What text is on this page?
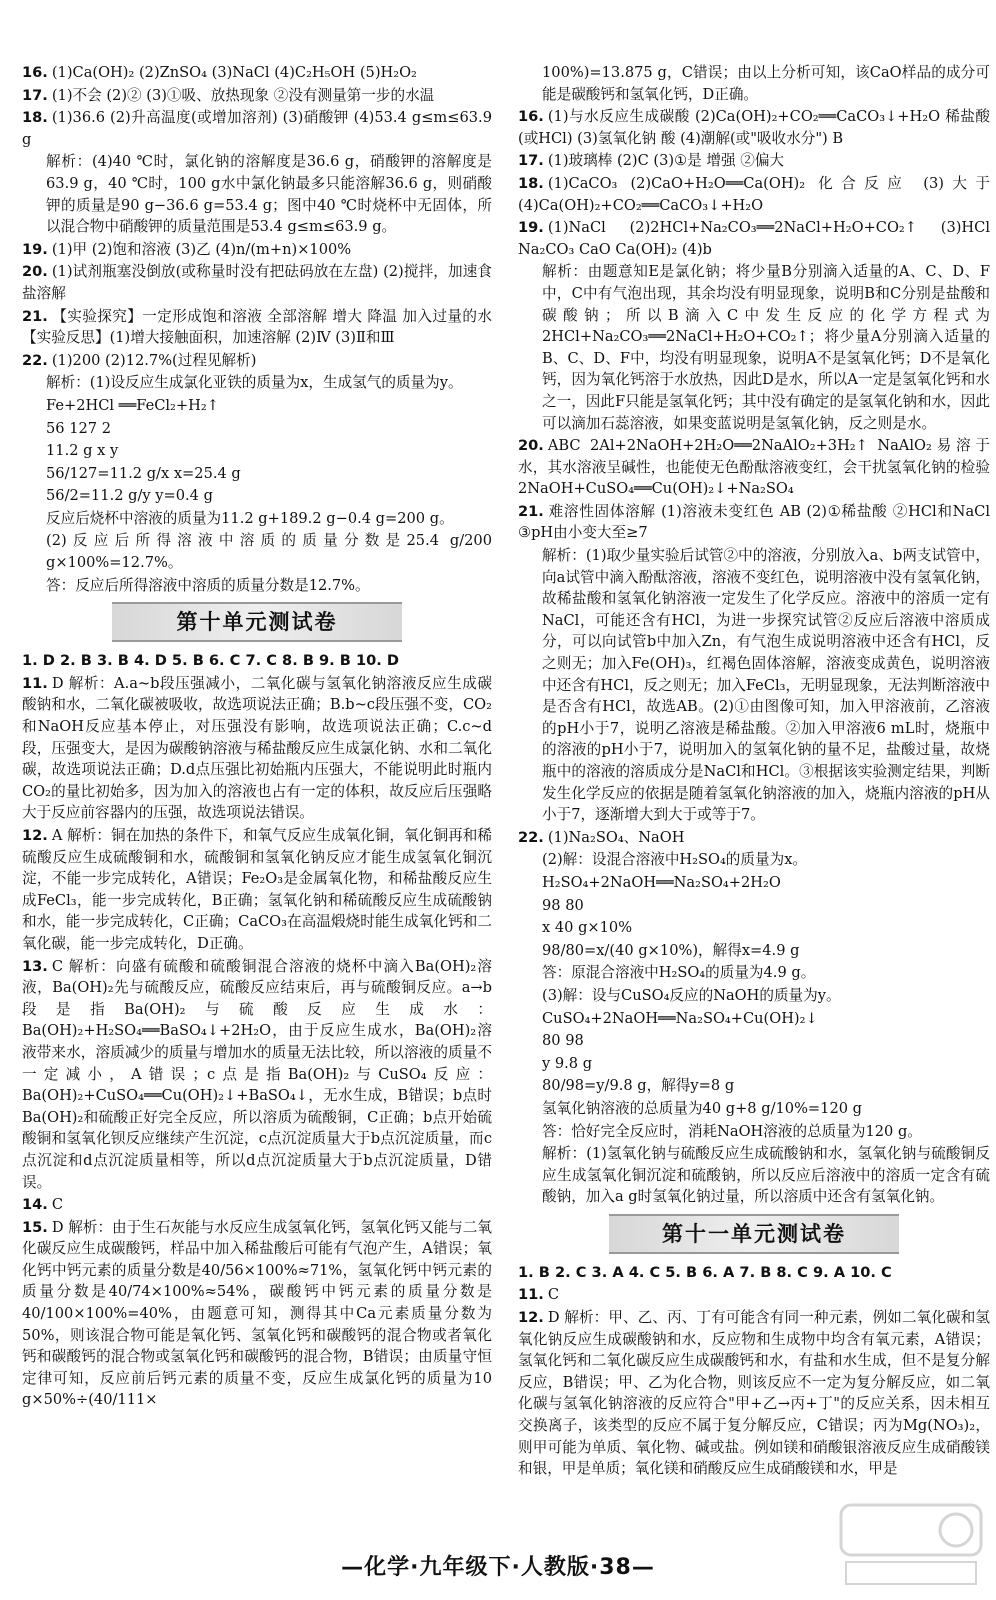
16. (1)Ca(OH)₂ (2)ZnSO₄ (3)NaCl (4)C₂H₅OH (5)H₂O₂
17. (1)不会 (2)② (3)①吸、放热现象 ②没有测量第一步的水温
18. (1)36.6 (2)升高温度(或增加溶剂) (3)硝酸钾 (4)53.4 g≤m≤63.9 g
解析：(4)40 ℃时，氯化钠的溶解度是36.6 g，硝酸钾的溶解度是63.9 g，40 ℃时，100 g水中氯化钠最多只能溶解36.6 g，则硝酸钾的质量是90 g−36.6 g=53.4 g；图中40 ℃时烧杯中无固体，所以混合物中硝酸钾的质量范围是53.4 g≤m≤63.9 g。
19. (1)甲 (2)饱和溶液 (3)乙 (4)n/(m+n)×100%
20. (1)试剂瓶塞没倒放(或称量时没有把砝码放在左盘) (2)搅拌，加速食盐溶解
21. 【实验探究】一定形成饱和溶液 全部溶解 增大 降温 加入过量的水 【实验反思】(1)增大接触面积，加速溶解 (2)Ⅳ (3)Ⅱ和Ⅲ
22. (1)200 (2)12.7%(过程见解析)
解析：(1)设反应生成氯化亚铁的质量为x，生成氢气的质量为y。
Fe+2HCl ══FeCl₂+H₂↑
56 127 2
11.2 g x y
56/127=11.2 g/x x=25.4 g
56/2=11.2 g/y y=0.4 g
反应后烧杯中溶液的质量为11.2 g+189.2 g−0.4 g=200 g。
(2)反应后所得溶液中溶质的质量分数是25.4 g/200 g×100%=12.7%。
答：反应后所得溶液中溶质的质量分数是12.7%。
第十单元测试卷
1. D 2. B 3. B 4. D 5. B 6. C 7. C 8. B 9. B 10. D
11. D 解析：A.a~b段压强减小，二氧化碳与氢氧化钠溶液反应生成碳酸钠和水，二氧化碳被吸收，故选项说法正确；B.b~c段压强不变，CO₂和NaOH反应基本停止，对压强没有影响，故选项说法正确；C.c~d段，压强变大，是因为碳酸钠溶液与稀盐酸反应生成氯化钠、水和二氧化碳，故选项说法正确；D.d点压强比初始瓶内压强大，不能说明此时瓶内CO₂的量比初始多，因为加入的溶液也占有一定的体积，故反应后压强略大于反应前容器内的压强，故选项说法错误。
12. A 解析：铜在加热的条件下，和氧气反应生成氧化铜，氧化铜再和稀硫酸反应生成硫酸铜和水，硫酸铜和氢氧化钠反应才能生成氢氧化铜沉淀，不能一步完成转化，A错误；Fe₂O₃是金属氧化物，和稀盐酸反应生成FeCl₃，能一步完成转化，B正确；氢氧化钠和稀硫酸反应生成硫酸钠和水，能一步完成转化，C正确；CaCO₃在高温煅烧时能生成氧化钙和二氧化碳，能一步完成转化，D正确。
13. C 解析：向盛有硫酸和硫酸铜混合溶液的烧杯中滴入Ba(OH)₂溶液，Ba(OH)₂先与硫酸反应，硫酸反应结束后，再与硫酸铜反应。a→b段是指Ba(OH)₂与硫酸反应生成水：Ba(OH)₂+H₂SO₄══BaSO₄↓+2H₂O，由于反应生成水，Ba(OH)₂溶液带来水，溶质减少的质量与增加水的质量无法比较，所以溶液的质量不一定减小，A错误；c点是指Ba(OH)₂与CuSO₄反应：Ba(OH)₂+CuSO₄══Cu(OH)₂↓+BaSO₄↓，无水生成，B错误；b点时Ba(OH)₂和硫酸正好完全反应，所以溶质为硫酸铜，C正确；b点开始硫酸铜和氢氧化钡反应继续产生沉淀，c点沉淀质量大于b点沉淀质量，而c点沉淀和d点沉淀质量相等，所以d点沉淀质量大于b点沉淀质量，D错误。
14. C
15. D 解析：由于生石灰能与水反应生成氢氧化钙，氢氧化钙又能与二氧化碳反应生成碳酸钙，样品中加入稀盐酸后可能有气泡产生，A错误；氧化钙中钙元素的质量分数是40/56×100%≈71%，氢氧化钙中钙元素的质量分数是40/74×100%≈54%，碳酸钙中钙元素的质量分数是40/100×100%=40%，由题意可知，测得其中Ca元素质量分数为50%，则该混合物可能是氧化钙、氢氧化钙和碳酸钙的混合物或者氧化钙和碳酸钙的混合物或氢氧化钙和碳酸钙的混合物，B错误；由质量守恒定律可知，反应前后钙元素的质量不变，反应生成氯化钙的质量为10 g×50%÷(40/111×
100%)=13.875 g，C错误；由以上分析可知，该CaO样品的成分可能是碳酸钙和氢氧化钙，D正确。
16. (1)与水反应生成碳酸 (2)Ca(OH)₂+CO₂══CaCO₃↓+H₂O 稀盐酸(或HCl) (3)氢氧化钠 酸 (4)潮解(或"吸收水分") B
17. (1)玻璃棒 (2)C (3)①是 增强 ②偏大
18. (1)CaCO₃ (2)CaO+H₂O══Ca(OH)₂ 化合反应 (3)大于 (4)Ca(OH)₂+CO₂══CaCO₃↓+H₂O
19. (1)NaCl (2)2HCl+Na₂CO₃══2NaCl+H₂O+CO₂↑ (3)HCl Na₂CO₃ CaO Ca(OH)₂ (4)b
解析：由题意知E是氯化钠；将少量B分别滴入适量的A、C、D、F中，C中有气泡出现，其余均没有明显现象，说明B和C分别是盐酸和碳酸钠；所以B滴入C中发生反应的化学方程式为2HCl+Na₂CO₃══2NaCl+H₂O+CO₂↑；将少量A分别滴入适量的B、C、D、F中，均没有明显现象，说明A不是氢氧化钙；D不是氧化钙，因为氧化钙溶于水放热，因此D是水，所以A一定是氢氧化钙和水之一，因此F只能是氢氧化钙；其中没有确定的是氢氧化钠和水，因此可以滴加石蕊溶液，如果变蓝说明是氢氧化钠，反之则是水。
20. ABC 2Al+2NaOH+2H₂O══2NaAlO₂+3H₂↑ NaAlO₂易溶于水，其水溶液呈碱性，也能使无色酚酞溶液变红，会干扰氢氧化钠的检验 2NaOH+CuSO₄══Cu(OH)₂↓+Na₂SO₄
21. 难溶性固体溶解 (1)溶液未变红色 AB (2)①稀盐酸 ②HCl和NaCl ③pH由小变大至≥7
解析：(1)取少量实验后试管②中的溶液，分别放入a、b两支试管中，向a试管中滴入酚酞溶液，溶液不变红色，说明溶液中没有氢氧化钠，故稀盐酸和氢氧化钠溶液一定发生了化学反应。溶液中的溶质一定有NaCl，可能还含有HCl，为进一步探究试管②反应后溶液中溶质成分，可以向试管b中加入Zn，有气泡生成说明溶液中还含有HCl，反之则无；加入Fe(OH)₃，红褐色固体溶解，溶液变成黄色，说明溶液中还含有HCl，反之则无；加入FeCl₃，无明显现象，无法判断溶液中是否含有HCl，故选AB。(2)①由图像可知，加入甲溶液前，乙溶液的pH小于7，说明乙溶液是稀盐酸。②加入甲溶液6 mL时，烧瓶中的溶液的pH小于7，说明加入的氢氧化钠的量不足，盐酸过量，故烧瓶中的溶液的溶质成分是NaCl和HCl。③根据该实验测定结果，判断发生化学反应的依据是随着氢氧化钠溶液的加入，烧瓶内溶液的pH从小于7，逐渐增大到大于或等于7。
22. (1)Na₂SO₄、NaOH
(2)解：设混合溶液中H₂SO₄的质量为x。
H₂SO₄+2NaOH══Na₂SO₄+2H₂O
98 80
x 40 g×10%
98/80=x/(40 g×10%)，解得x=4.9 g
答：原混合溶液中H₂SO₄的质量为4.9 g。
(3)解：设与CuSO₄反应的NaOH的质量为y。
CuSO₄+2NaOH══Na₂SO₄+Cu(OH)₂↓
80 98
y 9.8 g
80/98=y/9.8 g，解得y=8 g
氢氧化钠溶液的总质量为40 g+8 g/10%=120 g
答：恰好完全反应时，消耗NaOH溶液的总质量为120 g。
解析：(1)氢氧化钠与硫酸反应生成硫酸钠和水，氢氧化钠与硫酸铜反应生成氢氧化铜沉淀和硫酸钠，所以反应后溶液中的溶质一定含有硫酸钠，加入a g时氢氧化钠过量，所以溶质中还含有氢氧化钠。
第十一单元测试卷
1. B 2. C 3. A 4. C 5. B 6. A 7. B 8. C 9. A 10. C
11. C
12. D 解析：甲、乙、丙、丁有可能含有同一种元素，例如二氧化碳和氢氧化钠反应生成碳酸钠和水，反应物和生成物中均含有氧元素，A错误；氢氧化钙和二氧化碳反应生成碳酸钙和水，有盐和水生成，但不是复分解反应，B错误；甲、乙为化合物，则该反应不一定为复分解反应，如二氧化碳与氢氧化钠溶液的反应符合"甲+乙→丙+丁"的反应关系，因未相互交换离子，该类型的反应不属于复分解反应，C错误；丙为Mg(NO₃)₂，则甲可能为单质、氧化物、碱或盐。例如镁和硝酸银溶液反应生成硝酸镁和银，甲是单质；氧化镁和硝酸反应生成硝酸镁和水，甲是
—化学·九年级下·人教版·38—
